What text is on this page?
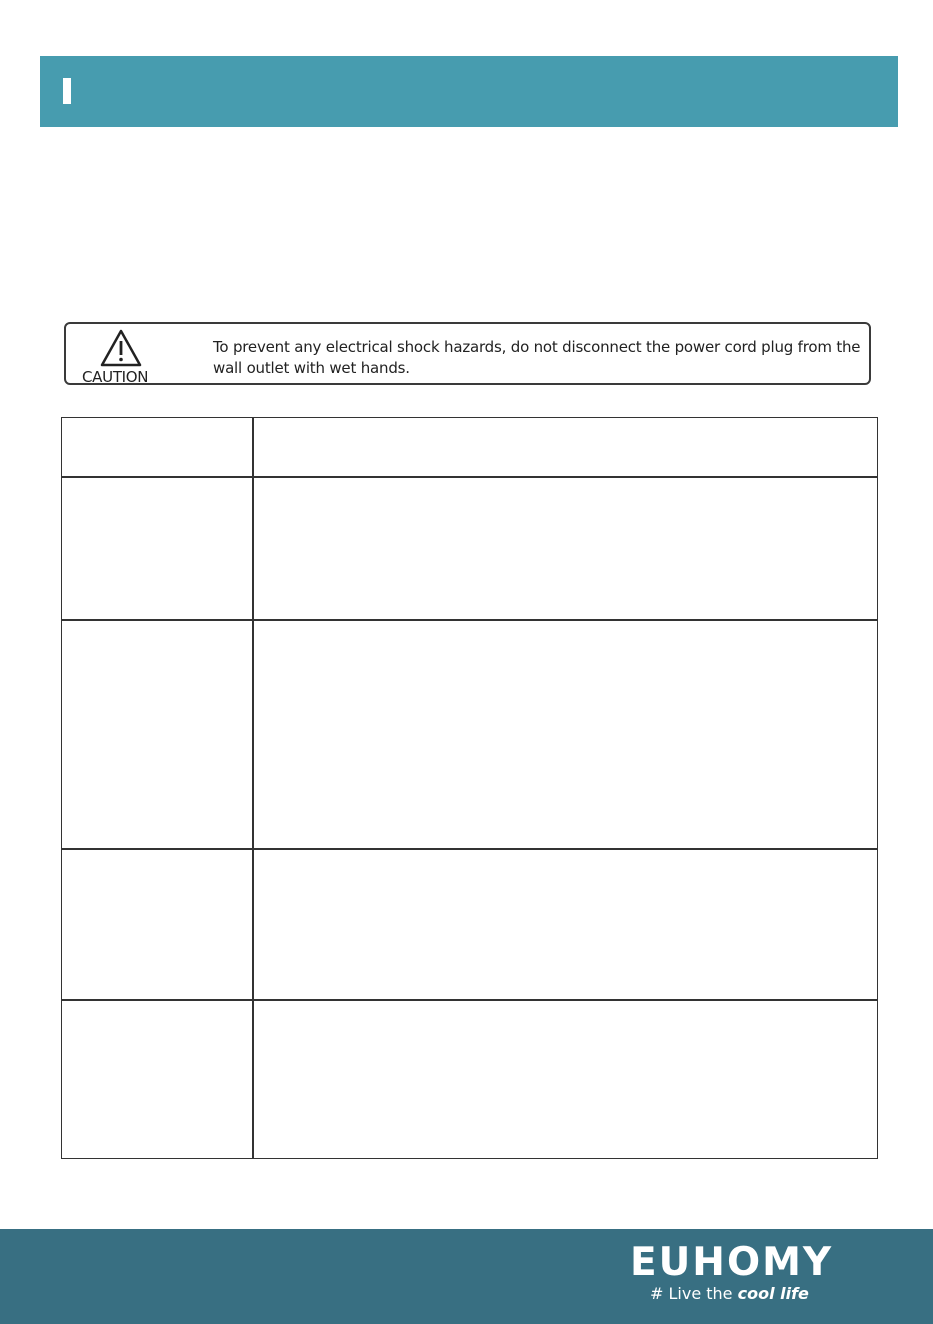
CAUTION
To prevent any electrical shock hazards, do not disconnect the power cord plug from the wall outlet with wet hands.
EUHOMY
# Live the cool life
